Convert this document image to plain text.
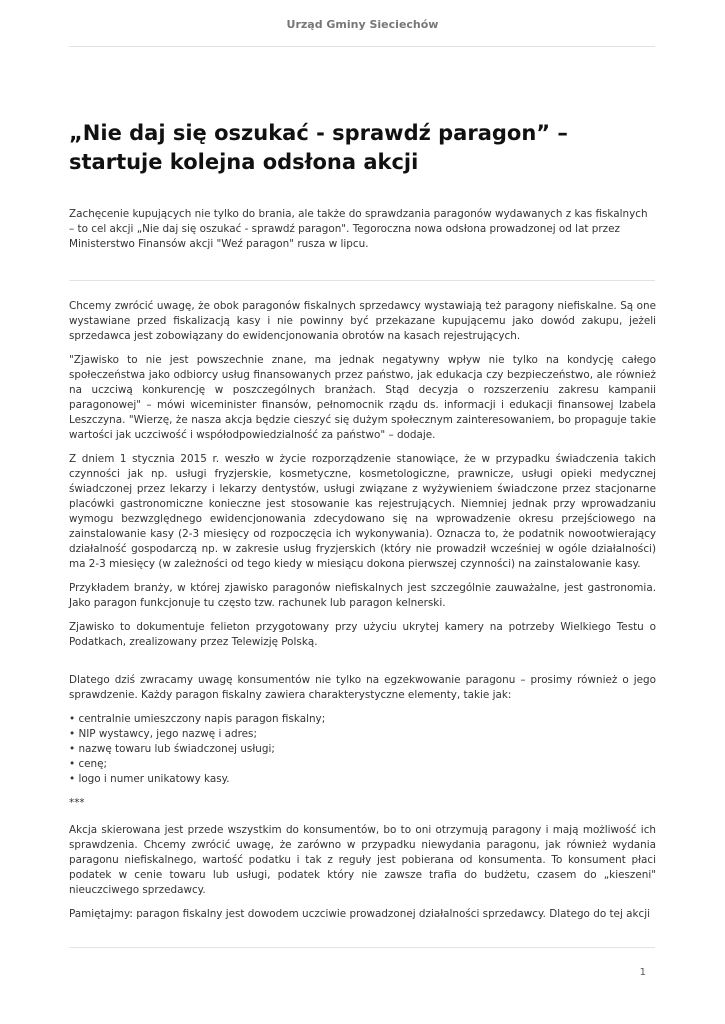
Urząd Gminy Sieciechów
„Nie daj się oszukać - sprawdź paragon” – startuje kolejna odsłona akcji

Zachęcenie kupujących nie tylko do brania, ale także do sprawdzania paragonów wydawanych z kas fiskalnych – to cel akcji „Nie daj się oszukać - sprawdź paragon". Tegoroczna nowa odsłona prowadzonej od lat przez Ministerstwo Finansów akcji "Weź paragon" rusza w lipcu.

Chcemy zwrócić uwagę, że obok paragonów fiskalnych sprzedawcy wystawiają też paragony niefiskalne. Są one wystawiane przed fiskalizacją kasy i nie powinny być przekazane kupującemu jako dowód zakupu, jeżeli sprzedawca jest zobowiązany do ewidencjonowania obrotów na kasach rejestrujących.

"Zjawisko to nie jest powszechnie znane, ma jednak negatywny wpływ nie tylko na kondycję całego społeczeństwa jako odbiorcy usług finansowanych przez państwo, jak edukacja czy bezpieczeństwo, ale również na uczciwą konkurencję w poszczególnych branżach. Stąd decyzja o rozszerzeniu zakresu kampanii paragonowej" – mówi wiceminister finansów, pełnomocnik rządu ds. informacji i edukacji finansowej Izabela Leszczyna. "Wierzę, że nasza akcja będzie cieszyć się dużym społecznym zainteresowaniem, bo propaguje takie wartości jak uczciwość i współodpowiedzialność za państwo" – dodaje.

Z dniem 1 stycznia 2015 r. weszło w życie rozporządzenie stanowiące, że w przypadku świadczenia takich czynności jak np. usługi fryzjerskie, kosmetyczne, kosmetologiczne, prawnicze, usługi opieki medycznej świadczonej przez lekarzy i lekarzy dentystów, usługi związane z wyżywieniem świadczone przez stacjonarne placówki gastronomiczne konieczne jest stosowanie kas rejestrujących. Niemniej jednak przy wprowadzaniu wymogu bezwzględnego ewidencjonowania zdecydowano się na wprowadzenie okresu przejściowego na zainstalowanie kasy (2-3 miesięcy od rozpoczęcia ich wykonywania). Oznacza to, że podatnik nowootwierający działalność gospodarczą np. w zakresie usług fryzjerskich (który nie prowadził wcześniej w ogóle działalności) ma 2-3 miesięcy (w zależności od tego kiedy w miesiącu dokona pierwszej czynności) na zainstalowanie kasy.

Przykładem branży, w której zjawisko paragonów niefiskalnych jest szczególnie zauważalne, jest gastronomia. Jako paragon funkcjonuje tu często tzw. rachunek lub paragon kelnerski.

Zjawisko to dokumentuje felieton przygotowany przy użyciu ukrytej kamery na potrzeby Wielkiego Testu o Podatkach, zrealizowany przez Telewizję Polską.

Dlatego dziś zwracamy uwagę konsumentów nie tylko na egzekwowanie paragonu – prosimy również o jego sprawdzenie. Każdy paragon fiskalny zawiera charakterystyczne elementy, takie jak:

• centralnie umieszczony napis paragon fiskalny;
• NIP wystawcy, jego nazwę i adres;
• nazwę towaru lub świadczonej usługi;
• cenę;
• logo i numer unikatowy kasy.
***

Akcja skierowana jest przede wszystkim do konsumentów, bo to oni otrzymują paragony i mają możliwość ich sprawdzenia. Chcemy zwrócić uwagę, że zarówno w przypadku niewydania paragonu, jak również wydania paragonu niefiskalnego, wartość podatku i tak z reguły jest pobierana od konsumenta. To konsument płaci podatek w cenie towaru lub usługi, podatek który nie zawsze trafia do budżetu, czasem do „kieszeni" nieuczciwego sprzedawcy.

Pamiętajmy: paragon fiskalny jest dowodem uczciwie prowadzonej działalności sprzedawcy. Dlatego do tej akcji

1
